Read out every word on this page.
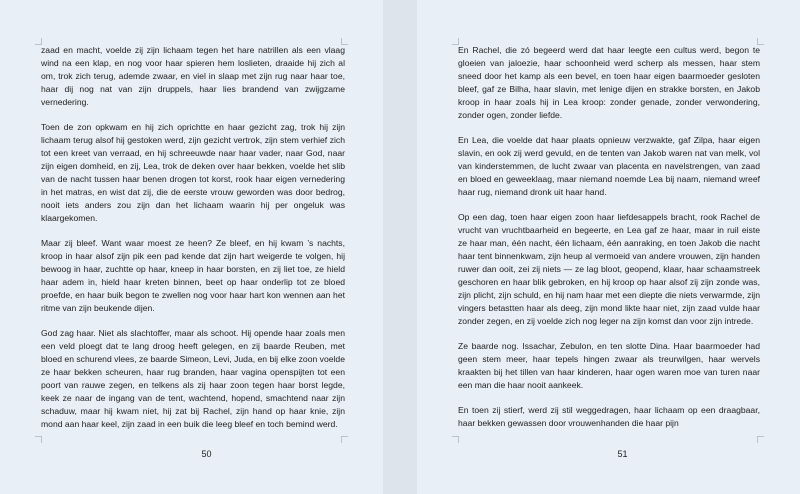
zaad en macht, voelde zij zijn lichaam tegen het hare natrillen als een vlaag wind na een klap, en nog voor haar spieren hem loslieten, draaide hij zich al om, trok zich terug, ademde zwaar, en viel in slaap met zijn rug naar haar toe, haar dij nog nat van zijn druppels, haar lies brandend van zwijgzame vernedering.

Toen de zon opkwam en hij zich oprichtte en haar gezicht zag, trok hij zijn lichaam terug alsof hij gestoken werd, zijn gezicht vertrok, zijn stem verhief zich tot een kreet van verraad, en hij schreeuwde naar haar vader, naar God, naar zijn eigen domheid, en zij, Lea, trok de deken over haar bekken, voelde het slib van de nacht tussen haar benen drogen tot korst, rook haar eigen vernedering in het matras, en wist dat zij, die de eerste vrouw geworden was door bedrog, nooit iets anders zou zijn dan het lichaam waarin hij per ongeluk was klaargekomen.

Maar zij bleef. Want waar moest ze heen? Ze bleef, en hij kwam ’s nachts, kroop in haar alsof zijn pik een pad kende dat zijn hart weigerde te volgen, hij bewoog in haar, zuchtte op haar, kneep in haar borsten, en zij liet toe, ze hield haar adem in, hield haar kreten binnen, beet op haar onderlip tot ze bloed proefde, en haar buik begon te zwellen nog voor haar hart kon wennen aan het ritme van zijn beukende dijen.

God zag haar. Niet als slachtoffer, maar als schoot. Hij opende haar zoals men een veld ploegt dat te lang droog heeft gelegen, en zij baarde Reuben, met bloed en schurend vlees, ze baarde Simeon, Levi, Juda, en bij elke zoon voelde ze haar bekken scheuren, haar rug branden, haar vagina openspijten tot een poort van rauwe zegen, en telkens als zij haar zoon tegen haar borst legde, keek ze naar de ingang van de tent, wachtend, hopend, smachtend naar zijn schaduw, maar hij kwam niet, hij zat bij Rachel, zijn hand op haar knie, zijn mond aan haar keel, zijn zaad in een buik die leeg bleef en toch bemind werd.

50

En Rachel, die zó begeerd werd dat haar leegte een cultus werd, begon te gloeien van jaloezie, haar schoonheid werd scherp als messen, haar stem sneed door het kamp als een bevel, en toen haar eigen baarmoeder gesloten bleef, gaf ze Bilha, haar slavin, met lenige dijen en strakke borsten, en Jakob kroop in haar zoals hij in Lea kroop: zonder genade, zonder verwondering, zonder ogen, zonder liefde.

En Lea, die voelde dat haar plaats opnieuw verzwakte, gaf Zilpa, haar eigen slavin, en ook zij werd gevuld, en de tenten van Jakob waren nat van melk, vol van kinderstemmen, de lucht zwaar van placenta en navelstrengen, van zaad en bloed en geweeklaag, maar niemand noemde Lea bij naam, niemand wreef haar rug, niemand dronk uit haar hand.

Op een dag, toen haar eigen zoon haar liefdesappels bracht, rook Rachel de vrucht van vruchtbaarheid en begeerte, en Lea gaf ze haar, maar in ruil eiste ze haar man, één nacht, één lichaam, één aanraking, en toen Jakob die nacht haar tent binnenkwam, zijn heup al vermoeid van andere vrouwen, zijn handen ruwer dan ooit, zei zij niets — ze lag bloot, geopend, klaar, haar schaamstreek geschoren en haar blik gebroken, en hij kroop op haar alsof zij zijn zonde was, zijn plicht, zijn schuld, en hij nam haar met een diepte die niets verwarmde, zijn vingers betastten haar als deeg, zijn mond likte haar niet, zijn zaad vulde haar zonder zegen, en zij voelde zich nog leger na zijn komst dan voor zijn intrede.

Ze baarde nog. Issachar, Zebulon, en ten slotte Dina. Haar baarmoeder had geen stem meer, haar tepels hingen zwaar als treurwilgen, haar wervels kraakten bij het tillen van haar kinderen, haar ogen waren moe van turen naar een man die haar nooit aankeek.

En toen zij stierf, werd zij stil weggedragen, haar lichaam op een draagbaar, haar bekken gewassen door vrouwenhanden die haar pijn

51
